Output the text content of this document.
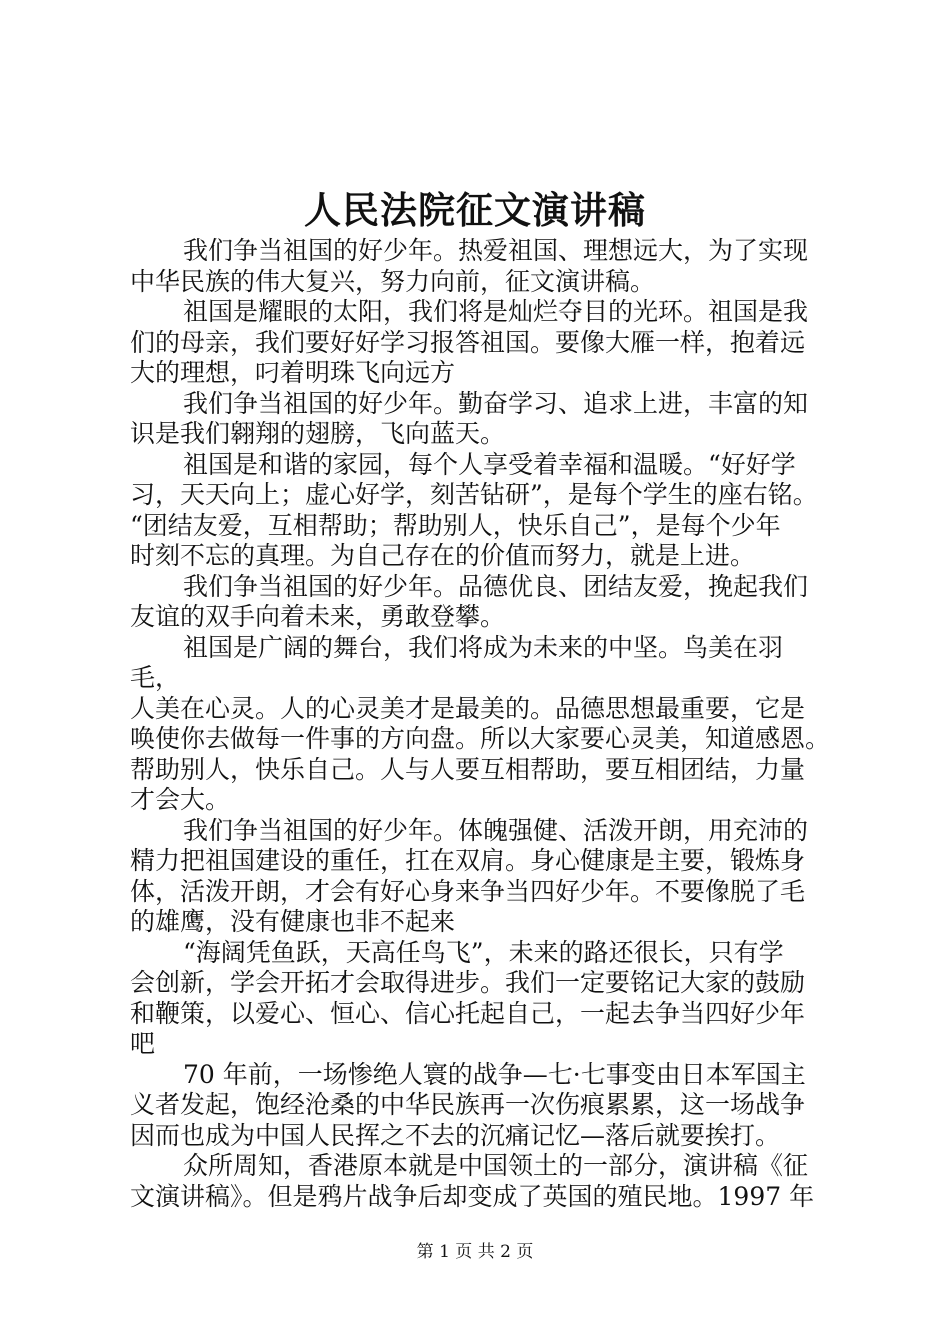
人民法院征文演讲稿

我们争当祖国的好少年。热爱祖国、理想远大，为了实现
中华民族的伟大复兴，努力向前，征文演讲稿。

祖国是耀眼的太阳，我们将是灿烂夺目的光环。祖国是我
们的母亲，我们要好好学习报答祖国。要像大雁一样，抱着远
大的理想，叼着明珠飞向远方

我们争当祖国的好少年。勤奋学习、追求上进，丰富的知
识是我们翱翔的翅膀，飞向蓝天。

祖国是和谐的家园，每个人享受着幸福和温暖。“好好学
习，天天向上；虚心好学，刻苦钻研”，是每个学生的座右铭。
“团结友爱，互相帮助；帮助别人，快乐自己”，是每个少年
时刻不忘的真理。为自己存在的价值而努力，就是上进。

我们争当祖国的好少年。品德优良、团结友爱，挽起我们
友谊的双手向着未来，勇敢登攀。

祖国是广阔的舞台，我们将成为未来的中坚。鸟美在羽毛，
人美在心灵。人的心灵美才是最美的。品德思想最重要，它是
唤使你去做每一件事的方向盘。所以大家要心灵美，知道感恩。
帮助别人，快乐自己。人与人要互相帮助，要互相团结，力量
才会大。

我们争当祖国的好少年。体魄强健、活泼开朗，用充沛的
精力把祖国建设的重任，扛在双肩。身心健康是主要，锻炼身
体，活泼开朗，才会有好心身来争当四好少年。不要像脱了毛
的雄鹰，没有健康也非不起来

“海阔凭鱼跃，天高任鸟飞”，未来的路还很长，只有学
会创新，学会开拓才会取得进步。我们一定要铭记大家的鼓励
和鞭策，以爱心、恒心、信心托起自己，一起去争当四好少年
吧

70 年前，一场惨绝人寰的战争—七·七事变由日本军国主
义者发起，饱经沧桑的中华民族再一次伤痕累累，这一场战争
因而也成为中国人民挥之不去的沉痛记忆—落后就要挨打。

众所周知，香港原本就是中国领土的一部分，演讲稿《征
文演讲稿》。但是鸦片战争后却变成了英国的殖民地。1997 年

第 1 页 共 2 页
